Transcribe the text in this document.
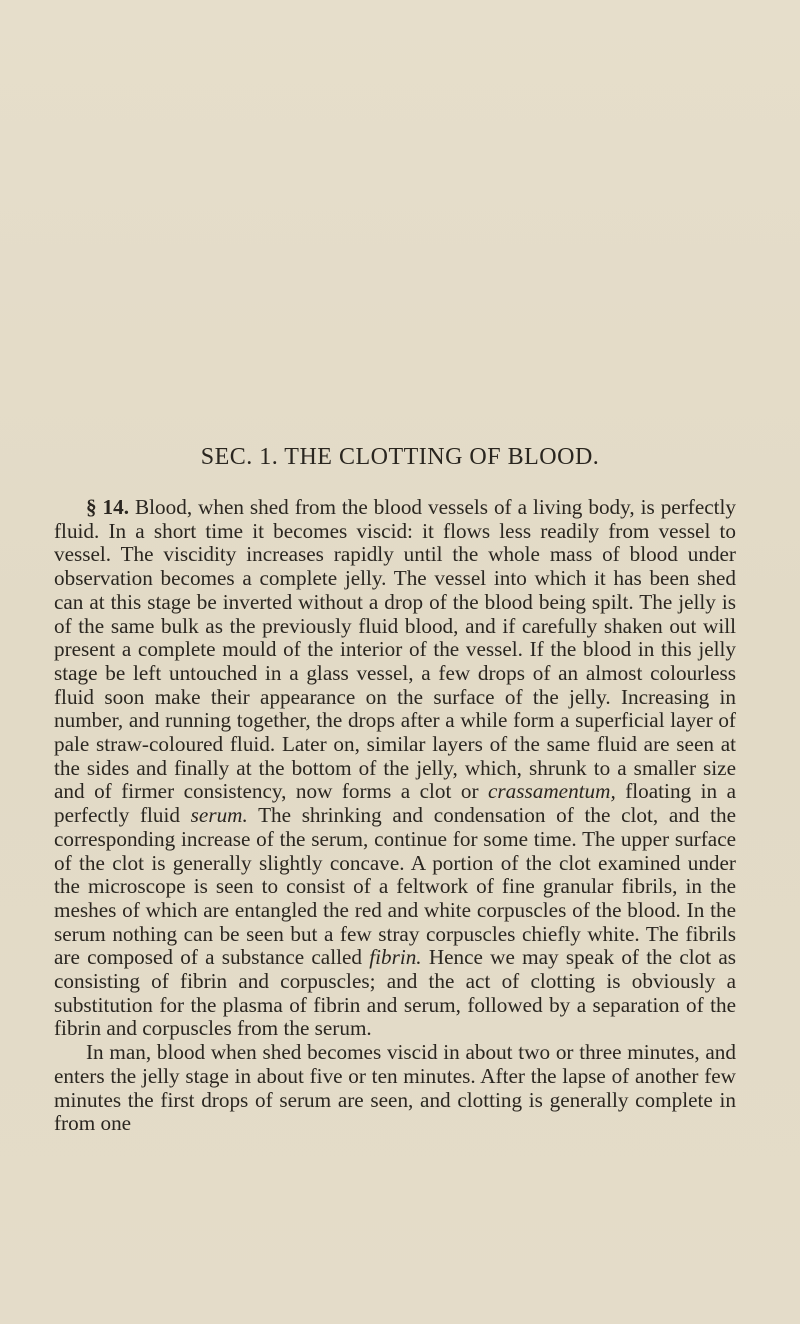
SEC. 1. THE CLOTTING OF BLOOD.

§ 14. Blood, when shed from the blood vessels of a living body, is perfectly fluid. In a short time it becomes viscid: it flows less readily from vessel to vessel. The viscidity increases rapidly until the whole mass of blood under observation becomes a complete jelly. The vessel into which it has been shed can at this stage be inverted without a drop of the blood being spilt. The jelly is of the same bulk as the previously fluid blood, and if carefully shaken out will present a complete mould of the interior of the vessel. If the blood in this jelly stage be left untouched in a glass vessel, a few drops of an almost colourless fluid soon make their appearance on the surface of the jelly. Increasing in number, and running together, the drops after a while form a superficial layer of pale straw-coloured fluid. Later on, similar layers of the same fluid are seen at the sides and finally at the bottom of the jelly, which, shrunk to a smaller size and of firmer consistency, now forms a clot or crassamentum, floating in a perfectly fluid serum. The shrinking and condensation of the clot, and the corresponding increase of the serum, continue for some time. The upper surface of the clot is generally slightly concave. A portion of the clot examined under the microscope is seen to consist of a feltwork of fine granular fibrils, in the meshes of which are entangled the red and white corpuscles of the blood. In the serum nothing can be seen but a few stray corpuscles chiefly white. The fibrils are composed of a substance called fibrin. Hence we may speak of the clot as consisting of fibrin and corpuscles; and the act of clotting is obviously a substitution for the plasma of fibrin and serum, followed by a separation of the fibrin and corpuscles from the serum.

In man, blood when shed becomes viscid in about two or three minutes, and enters the jelly stage in about five or ten minutes. After the lapse of another few minutes the first drops of serum are seen, and clotting is generally complete in from one
